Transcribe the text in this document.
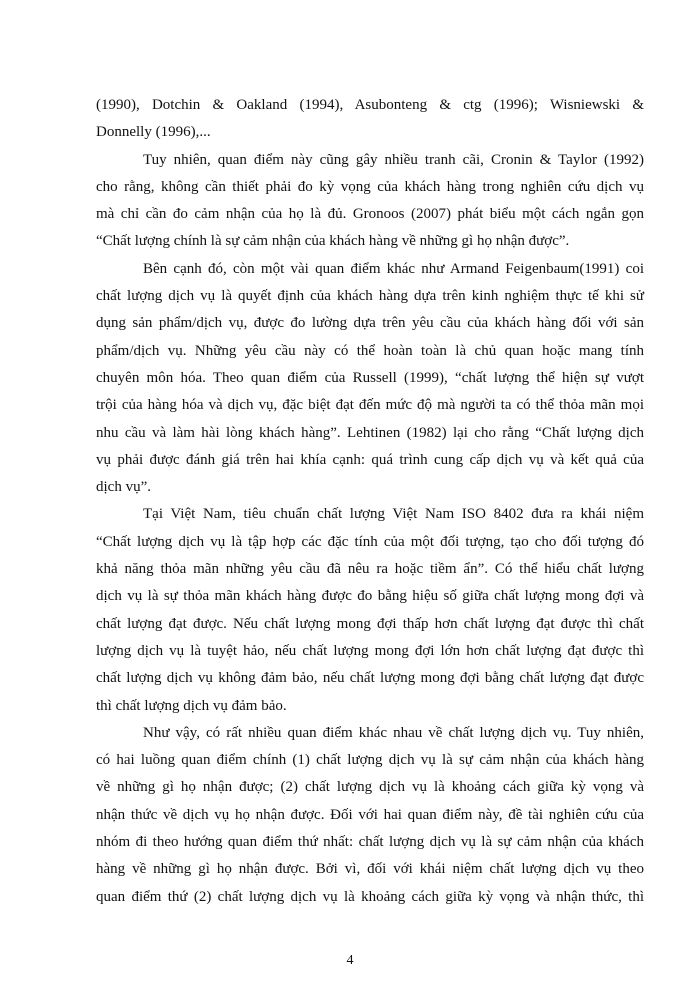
(1990), Dotchin & Oakland (1994), Asubonteng & ctg (1996); Wisniewski &
Donnelly (1996),...
Tuy nhiên, quan điểm này cũng gây nhiều tranh cãi, Cronin & Taylor (1992)
cho rằng, không cần thiết phải đo kỳ vọng của khách hàng trong nghiên cứu dịch vụ
mà chỉ cần đo cảm nhận của họ là đủ. Gronoos (2007) phát biểu một cách ngắn gọn
“Chất lượng chính là sự cảm nhận của khách hàng về những gì họ nhận được”.
Bên cạnh đó, còn một vài quan điểm khác như Armand Feigenbaum(1991) coi
chất lượng dịch vụ là quyết định của khách hàng dựa trên kinh nghiệm thực tế khi sử
dụng sản phẩm/dịch vụ, được đo lường dựa trên yêu cầu của khách hàng đối với sản
phẩm/dịch vụ. Những yêu cầu này có thể hoàn toàn là chủ quan hoặc mang tính
chuyên môn hóa. Theo quan điểm của Russell (1999), “chất lượng thể hiện sự vượt
trội của hàng hóa và dịch vụ, đặc biệt đạt đến mức độ mà người ta có thể thỏa mãn mọi
nhu cầu và làm hài lòng khách hàng”. Lehtinen (1982) lại cho rằng “Chất lượng dịch
vụ phải được đánh giá trên hai khía cạnh: quá trình cung cấp dịch vụ và kết quả của
dịch vụ”.
Tại Việt Nam, tiêu chuẩn chất lượng Việt Nam ISO 8402 đưa ra khái niệm
“Chất lượng dịch vụ là tập hợp các đặc tính của một đối tượng, tạo cho đối tượng đó
khả năng thỏa mãn những yêu cầu đã nêu ra hoặc tiềm ẩn”. Có thể hiểu chất lượng
dịch vụ là sự thỏa mãn khách hàng được đo bằng hiệu số giữa chất lượng mong đợi và
chất lượng đạt được. Nếu chất lượng mong đợi thấp hơn chất lượng đạt được thì chất
lượng dịch vụ là tuyệt hảo, nếu chất lượng mong đợi lớn hơn chất lượng đạt được thì
chất lượng dịch vụ không đảm bảo, nếu chất lượng mong đợi bằng chất lượng đạt được
thì chất lượng dịch vụ đảm bảo.
Như vậy, có rất nhiều quan điểm khác nhau về chất lượng dịch vụ. Tuy nhiên,
có hai luồng quan điểm chính (1) chất lượng dịch vụ là sự cảm nhận của khách hàng
về những gì họ nhận được; (2) chất lượng dịch vụ là khoảng cách giữa kỳ vọng và
nhận thức về dịch vụ họ nhận được. Đối với hai quan điểm này, đề tài nghiên cứu của
nhóm đi theo hướng quan điểm thứ nhất: chất lượng dịch vụ là sự cảm nhận của khách
hàng về những gì họ nhận được. Bởi vì, đối với khái niệm chất lượng dịch vụ theo
quan điểm thứ (2) chất lượng dịch vụ là khoảng cách giữa kỳ vọng và nhận thức, thì
4
